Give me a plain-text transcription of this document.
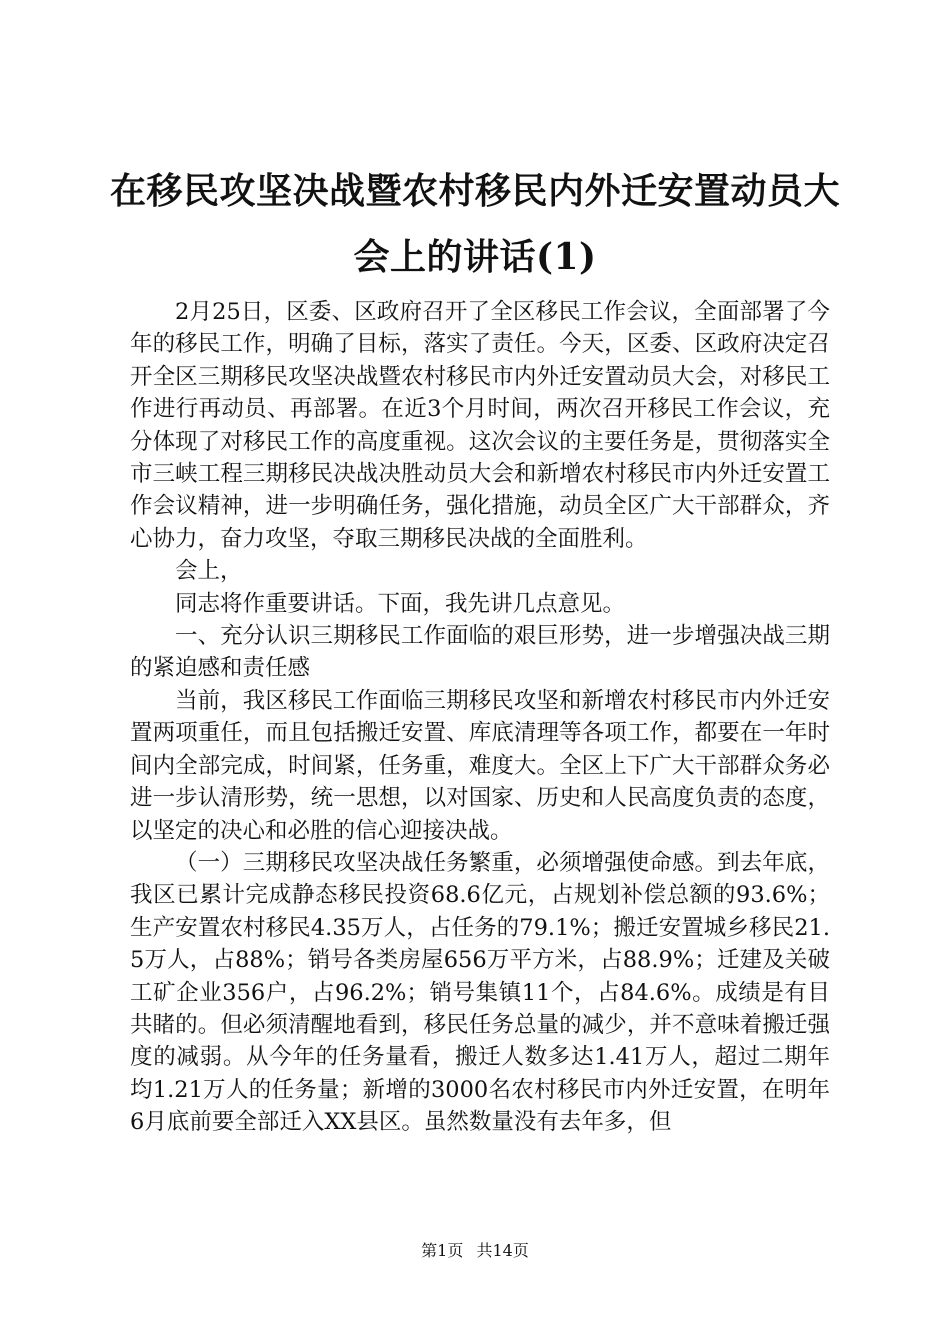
在移民攻坚决战暨农村移民内外迁安置动员大会上的讲话(1)

2月25日，区委、区政府召开了全区移民工作会议，全面部署了今年的移民工作，明确了目标，落实了责任。今天，区委、区政府决定召开全区三期移民攻坚决战暨农村移民市内外迁安置动员大会，对移民工作进行再动员、再部署。在近3个月时间，两次召开移民工作会议，充分体现了对移民工作的高度重视。这次会议的主要任务是，贯彻落实全市三峡工程三期移民决战决胜动员大会和新增农村移民市内外迁安置工作会议精神，进一步明确任务，强化措施，动员全区广大干部群众，齐心协力，奋力攻坚，夺取三期移民决战的全面胜利。

会上，

同志将作重要讲话。下面，我先讲几点意见。

一、充分认识三期移民工作面临的艰巨形势，进一步增强决战三期的紧迫感和责任感

当前，我区移民工作面临三期移民攻坚和新增农村移民市内外迁安置两项重任，而且包括搬迁安置、库底清理等各项工作，都要在一年时间内全部完成，时间紧，任务重，难度大。全区上下广大干部群众务必进一步认清形势，统一思想，以对国家、历史和人民高度负责的态度，以坚定的决心和必胜的信心迎接决战。

（一）三期移民攻坚决战任务繁重，必须增强使命感。到去年底，我区已累计完成静态移民投资68.6亿元，占规划补偿总额的93.6%；生产安置农村移民4.35万人，占任务的79.1%；搬迁安置城乡移民21.5万人，占88%；销号各类房屋656万平方米，占88.9%；迁建及关破工矿企业356户，占96.2%；销号集镇11个，占84.6%。成绩是有目共睹的。但必须清醒地看到，移民任务总量的减少，并不意味着搬迁强度的减弱。从今年的任务量看，搬迁人数多达1.41万人，超过二期年均1.21万人的任务量；新增的3000名农村移民市内外迁安置，在明年6月底前要全部迁入XX县区。虽然数量没有去年多，但

第1页 共14页
